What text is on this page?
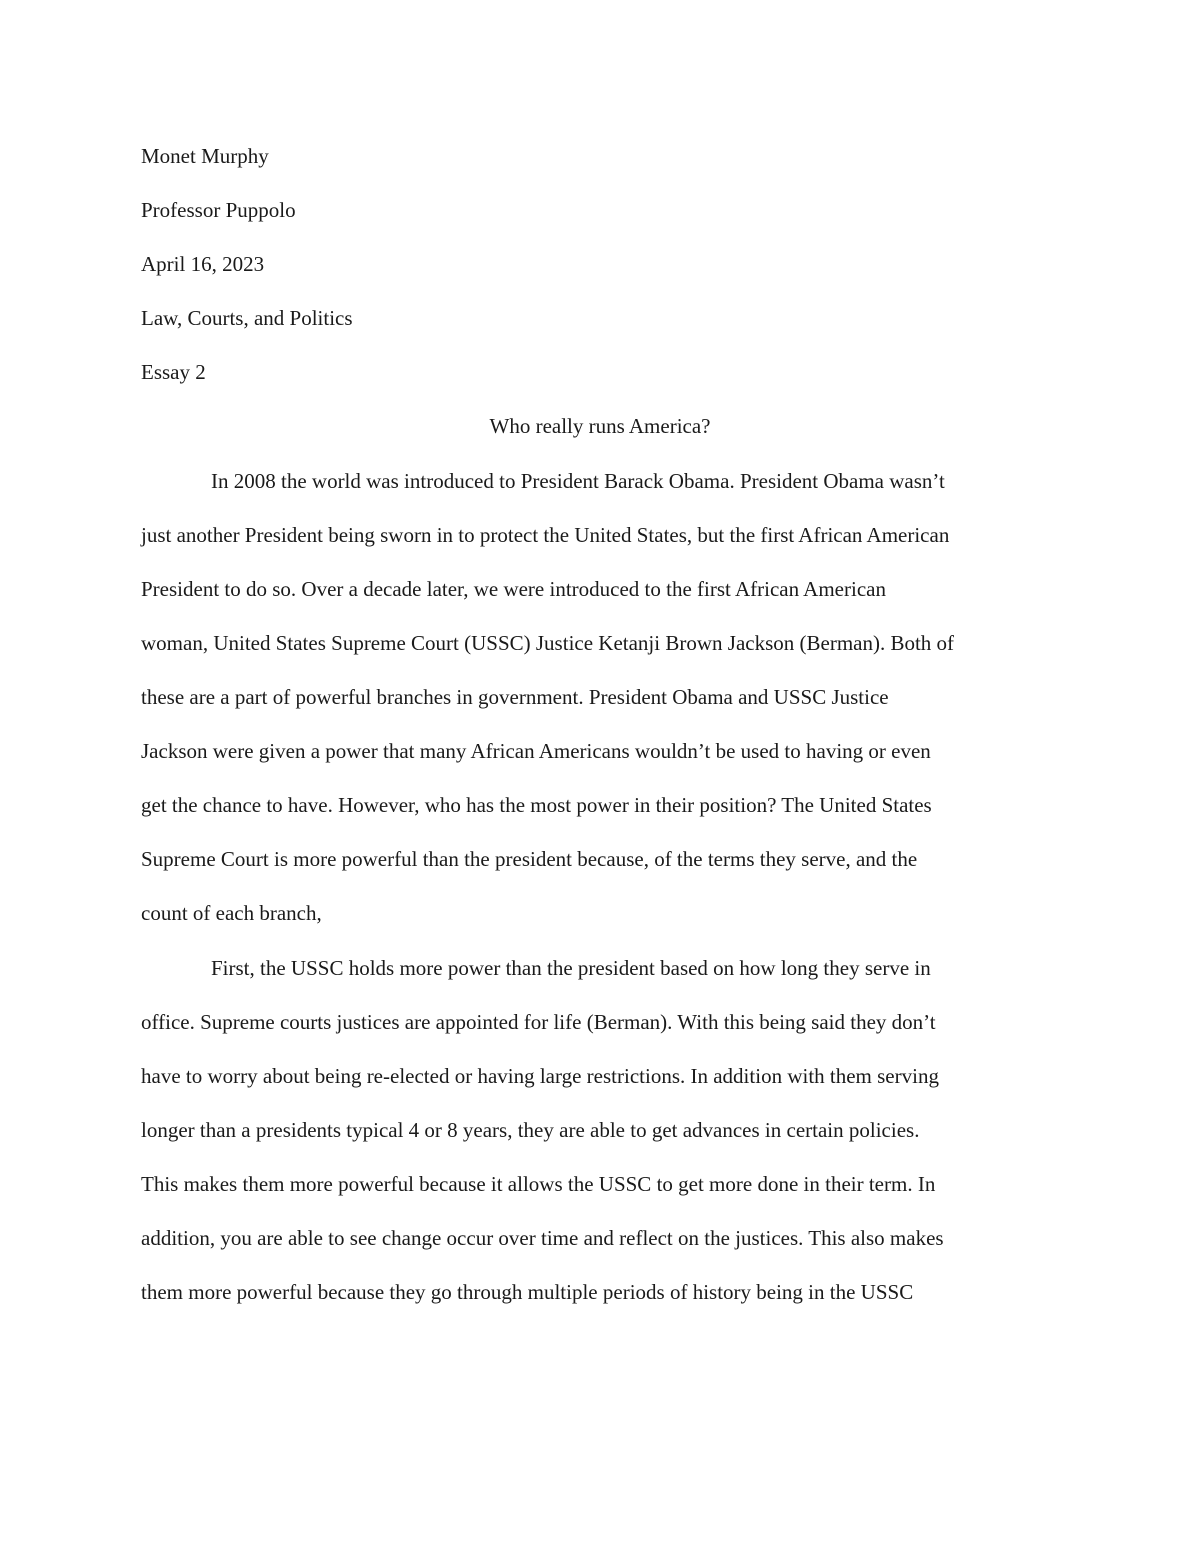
Monet Murphy
Professor Puppolo
April 16, 2023
Law, Courts, and Politics
Essay 2
Who really runs America?
In 2008 the world was introduced to President Barack Obama. President Obama wasn’t
just another President being sworn in to protect the United States, but the first African American
President to do so. Over a decade later, we were introduced to the first African American
woman, United States Supreme Court (USSC) Justice Ketanji Brown Jackson (Berman). Both of
these are a part of powerful branches in government. President Obama and USSC Justice
Jackson were given a power that many African Americans wouldn’t be used to having or even
get the chance to have. However, who has the most power in their position? The United States
Supreme Court is more powerful than the president because, of the terms they serve, and the
count of each branch,
First, the USSC holds more power than the president based on how long they serve in
office. Supreme courts justices are appointed for life (Berman). With this being said they don’t
have to worry about being re-elected or having large restrictions. In addition with them serving
longer than a presidents typical 4 or 8 years, they are able to get advances in certain policies.
This makes them more powerful because it allows the USSC to get more done in their term. In
addition, you are able to see change occur over time and reflect on the justices. This also makes
them more powerful because they go through multiple periods of history being in the USSC
